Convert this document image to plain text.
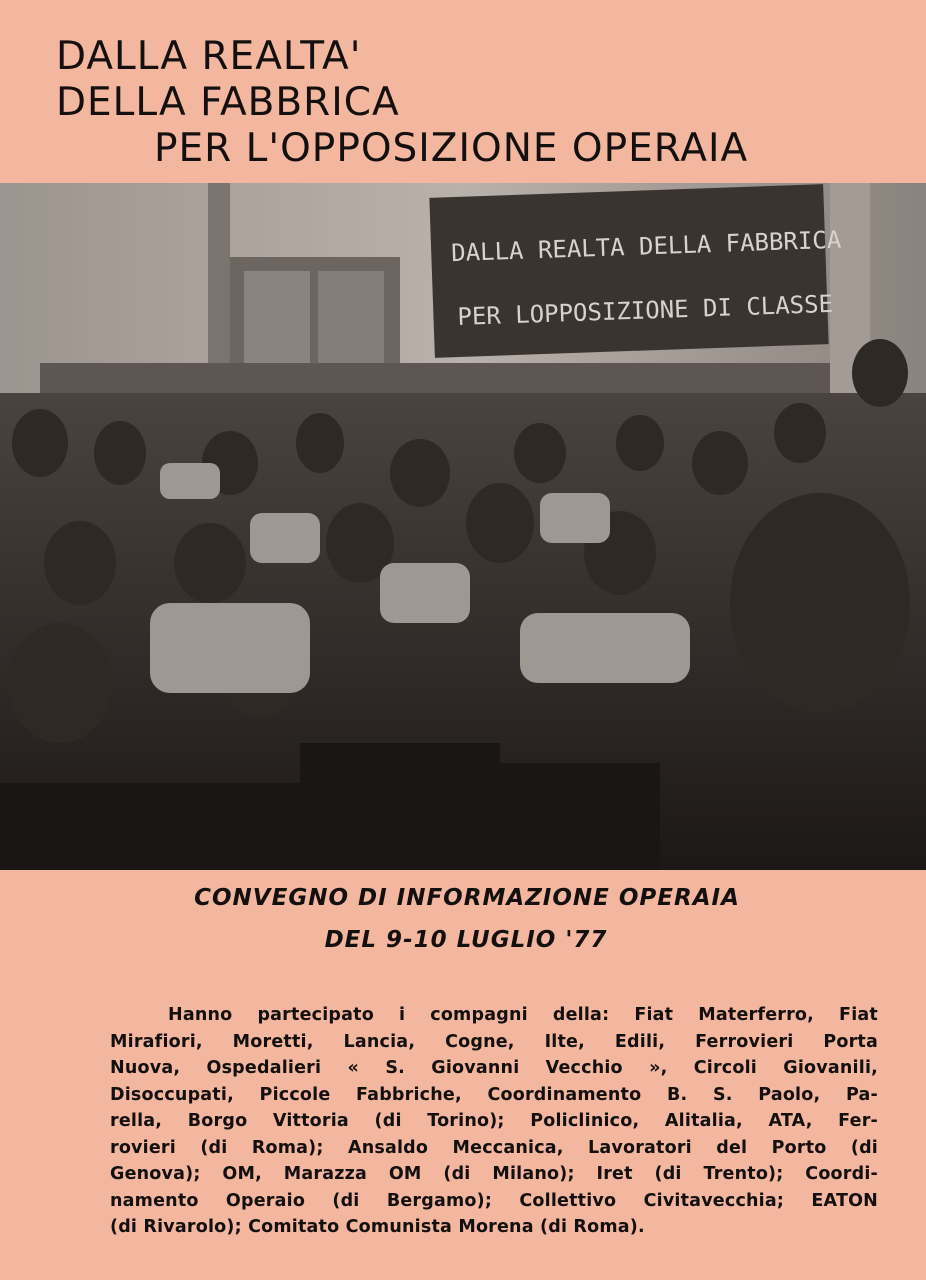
DALLA REALTA'
DELLA FABBRICA
PER L'OPPOSIZIONE OPERAIA
DALLA REALTA DELLA FABBRICA
PER LOPPOSIZIONE DI CLASSE
CONVEGNO DI INFORMAZIONE OPERAIA
DEL 9-10 LUGLIO '77
Hanno partecipato i compagni della: Fiat Materferro, Fiat
Mirafiori, Moretti, Lancia, Cogne, Ilte, Edili, Ferrovieri Porta
Nuova, Ospedalieri « S. Giovanni Vecchio », Circoli Giovanili,
Disoccupati, Piccole Fabbriche, Coordinamento B. S. Paolo, Pa-
rella, Borgo Vittoria (di Torino); Policlinico, Alitalia, ATA, Fer-
rovieri (di Roma); Ansaldo Meccanica, Lavoratori del Porto (di
Genova); OM, Marazza OM (di Milano); Iret (di Trento); Coordi-
namento Operaio (di Bergamo); Collettivo Civitavecchia; EATON
(di Rivarolo); Comitato Comunista Morena (di Roma).
